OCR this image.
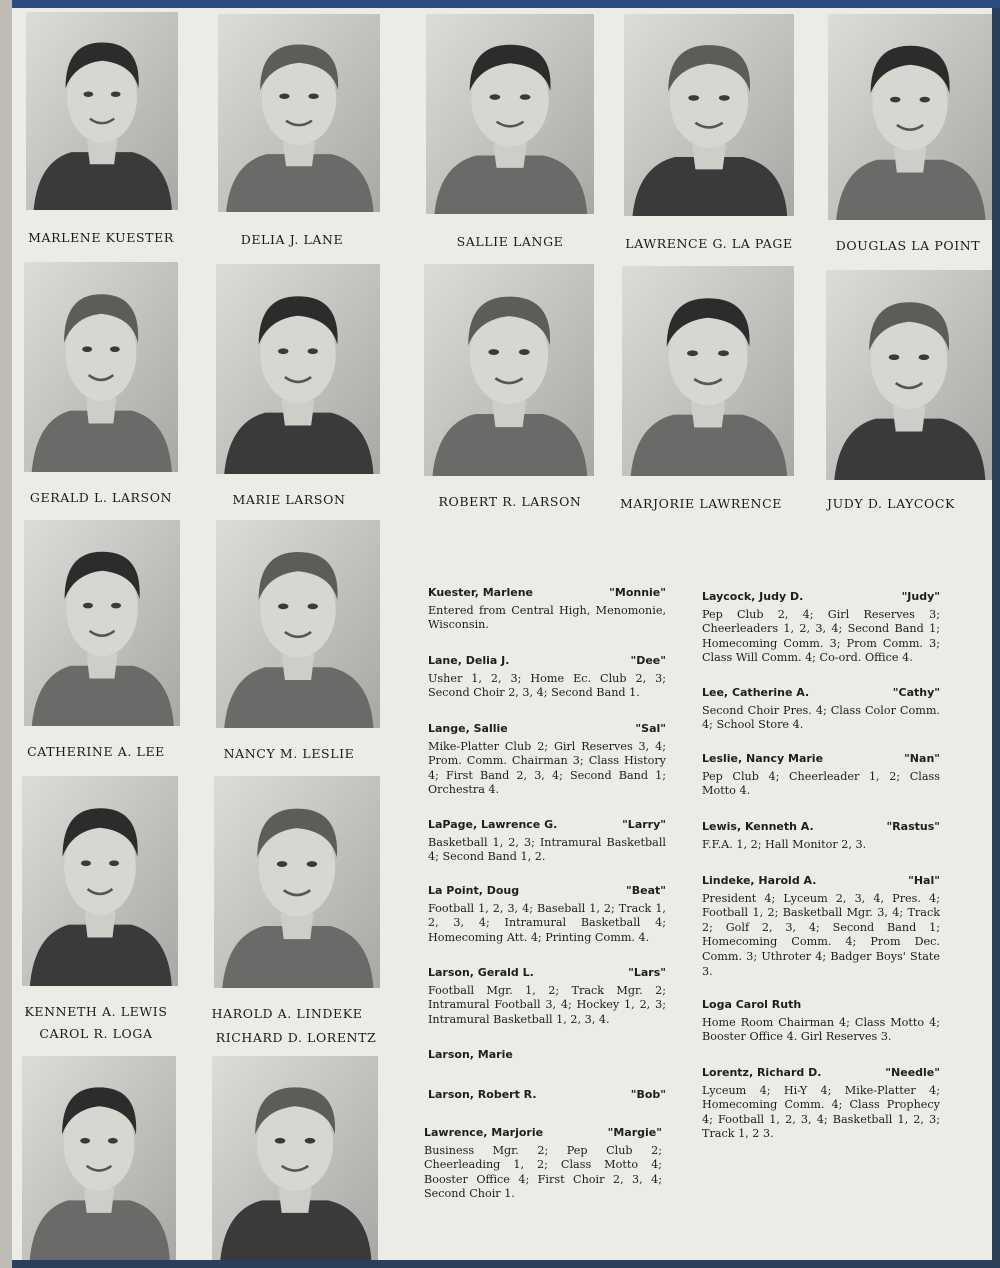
MARLENE KUESTER	DELIA J. LANE	SALLIE LANGE	LAWRENCE G. LA PAGE	DOUGLAS LA POINT
GERALD L. LARSON	MARIE LARSON	ROBERT R. LARSON	MARJORIE LAWRENCE	JUDY D. LAYCOCK
CATHERINE A. LEE	NANCY M. LESLIE
KENNETH A. LEWIS	HAROLD A. LINDEKE
CAROL R. LOGA	RICHARD D. LORENTZ
Kuester, Marlene	"Monnie"
Entered from Central High, Menomonie, Wisconsin.
Lane, Delia J.	"Dee"
Usher 1, 2, 3; Home Ec. Club 2, 3; Second Choir 2, 3, 4; Second Band 1.
Lange, Sallie	"Sal"
Mike-Platter Club 2; Girl Reserves 3, 4; Prom. Comm. Chairman 3; Class History 4; First Band 2, 3, 4; Second Band 1; Orchestra 4.
LaPage, Lawrence G.	"Larry"
Basketball 1, 2, 3; Intramural Basketball 4; Second Band 1, 2.
La Point, Doug	"Beat"
Football 1, 2, 3, 4; Baseball 1, 2; Track 1, 2, 3, 4; Intramural Basketball 4; Homecoming Att. 4; Printing Comm. 4.
Larson, Gerald L.	"Lars"
Football Mgr. 1, 2; Track Mgr. 2; Intramural Football 3, 4; Hockey 1, 2, 3; Intramural Basketball 1, 2, 3, 4.
Larson, Marie
Larson, Robert R.	"Bob"
Lawrence, Marjorie	"Margie"
Business Mgr. 2; Pep Club 2; Cheerleading 1, 2; Class Motto 4; Booster Office 4; First Choir 2, 3, 4; Second Choir 1.
Laycock, Judy D.	"Judy"
Pep Club 2, 4; Girl Reserves 3; Cheerleaders 1, 2, 3, 4; Second Band 1; Homecoming Comm. 3; Prom Comm. 3; Class Will Comm. 4; Co-ord. Office 4.
Lee, Catherine A.	"Cathy"
Second Choir Pres. 4; Class Color Comm. 4; School Store 4.
Leslie, Nancy Marie	"Nan"
Pep Club 4; Cheerleader 1, 2; Class Motto 4.
Lewis, Kenneth A.	"Rastus"
F.F.A. 1, 2; Hall Monitor 2, 3.
Lindeke, Harold A.	"Hal"
President 4; Lyceum 2, 3, 4, Pres. 4; Football 1, 2; Basketball Mgr. 3, 4; Track 2; Golf 2, 3, 4; Second Band 1; Homecoming Comm. 4; Prom Dec. Comm. 3; Uthroter 4; Badger Boys' State 3.
Loga Carol Ruth
Home Room Chairman 4; Class Motto 4; Booster Office 4. Girl Reserves 3.
Lorentz, Richard D.	"Needle"
Lyceum 4; Hi-Y 4; Mike-Platter 4; Homecoming Comm. 4; Class Prophecy 4; Football 1, 2, 3, 4; Basketball 1, 2, 3; Track 1, 2 3.
